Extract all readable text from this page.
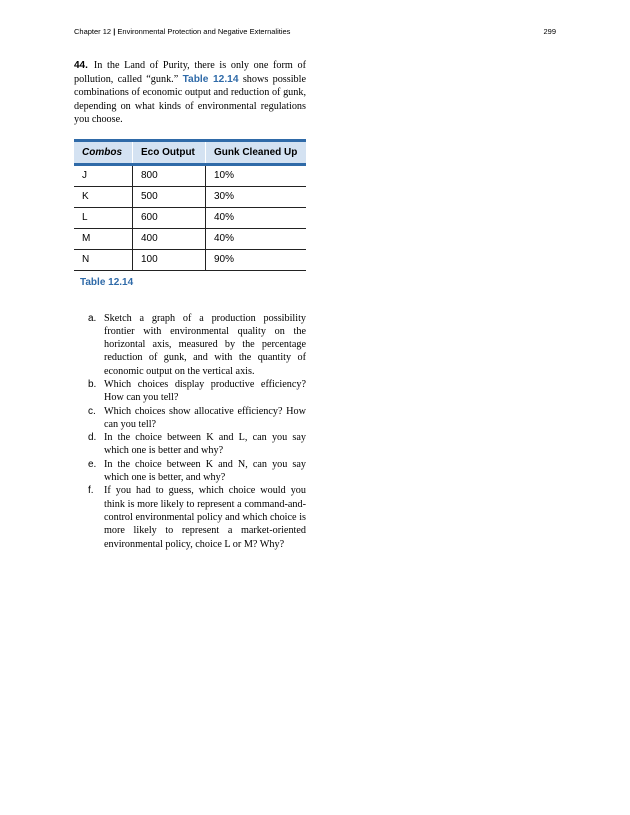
Chapter 12 | Environmental Protection and Negative Externalities	299

44. In the Land of Purity, there is only one form of pollution, called “gunk.” Table 12.14 shows possible combinations of economic output and reduction of gunk, depending on what kinds of environmental regulations you choose.

Combos	Eco Output	Gunk Cleaned Up
J	800	10%
K	500	30%
L	600	40%
M	400	40%
N	100	90%
Table 12.14
a. Sketch a graph of a production possibility frontier with environmental quality on the horizontal axis, measured by the percentage reduction of gunk, and with the quantity of economic output on the vertical axis.
b. Which choices display productive efficiency? How can you tell?
c. Which choices show allocative efficiency? How can you tell?
d. In the choice between K and L, can you say which one is better and why?
e. In the choice between K and N, can you say which one is better, and why?
f. If you had to guess, which choice would you think is more likely to represent a command-and-control environmental policy and which choice is more likely to represent a market-oriented environmental policy, choice L or M? Why?
